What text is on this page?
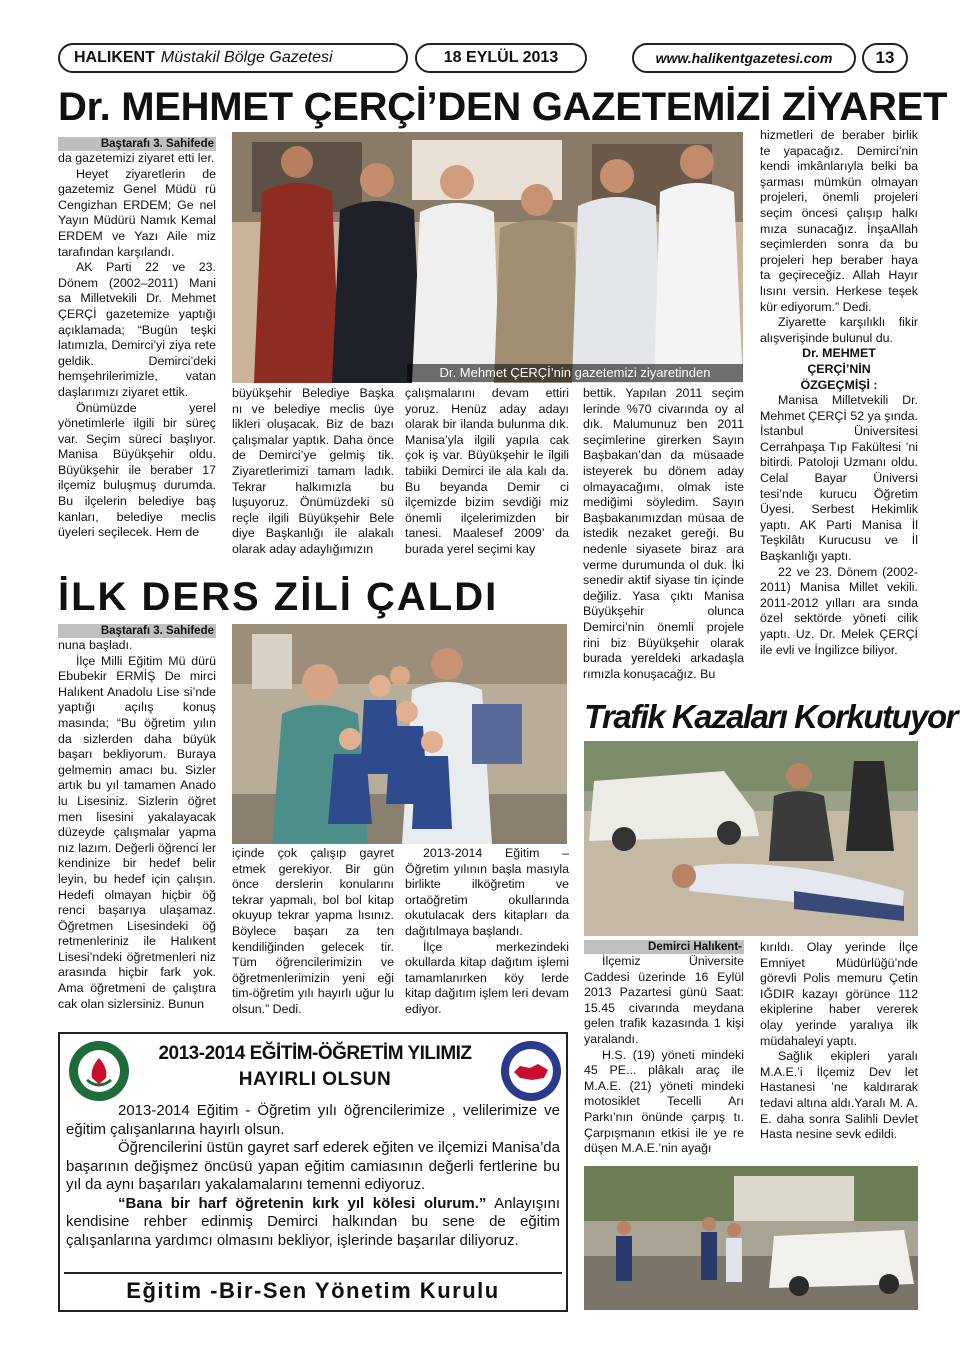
HALIKENT Müstakil Bölge Gazetesi	18 EYLÜL 2013	www.halikentgazetesi.com	13
Dr. MEHMET ÇERÇİ’DEN GAZETEMİZİ ZİYARET
Baştarafı 3. Sahifede

da gazetemizi ziyaret etti ler.

Heyet ziyaretlerin de gazetemiz Genel Müdü rü Cengizhan ERDEM; Ge nel Yayın Müdürü Namık Kemal ERDEM ve Yazı Aile miz tarafından karşılandı.

AK Parti 22 ve 23. Dönem (2002–2011) Mani sa Milletvekili Dr. Mehmet ÇERÇİ gazetemize yaptığı açıklamada; “Bugün teşki latımızla, Demirci’yi ziya rete geldik. Demirci’deki hemşehrilerimizle, vatan daşlarımızı ziyaret ettik.

Önümüzde yerel yönetimlerle ilgili bir süreç var. Seçim süreci başlıyor. Manisa Büyükşehir oldu. Büyükşehir ile beraber 17 ilçemiz buluşmuş durumda. Bu ilçelerin belediye baş kanları, belediye meclis üyeleri seçilecek. Hem de

Dr. Mehmet ÇERÇİ’nin gazetemizi ziyaretinden

büyükşehir Belediye Başka nı ve belediye meclis üye likleri oluşacak. Biz de bazı çalışmalar yaptık. Daha önce de Demirci’ye gelmiş tik. Ziyaretlerimizi tamam ladık. Tekrar halkımızla bu luşuyoruz. Önümüzdeki sü reçle ilgili Büyükşehir Bele diye Başkanlığı ile alakalı olarak aday adaylığımızın

çalışmalarını devam ettiri yoruz. Henüz aday adayı olarak bir ilanda bulunma dık. Manisa’yla ilgili yapıla cak çok iş var. Büyükşehir le ilgili tabiiki Demirci ile ala kalı da. Bu beyanda Demir ci ilçemizde bizim sevdiği miz önemli ilçelerimizden bir tanesi. Maalesef 2009’ da burada yerel seçimi kay

bettik. Yapılan 2011 seçim lerinde %70 civarında oy al dık. Malumunuz ben 2011 seçimlerine girerken Sayın Başbakan’dan da müsaade isteyerek bu dönem aday olmayacağımı, olmak iste mediğimi söyledim. Sayın Başbakanımızdan müsaa de istedik nezaket gereği. Bu nedenle siyasete biraz ara verme durumunda ol duk. İki senedir aktif siyase tin içinde değiliz. Yasa çıktı Manisa Büyükşehir olunca Demirci’nin önemli projele rini biz Büyükşehir olarak burada yereldeki arkadaşla rımızla konuşacağız. Bu

hizmetleri de beraber birlik te yapacağız. Demirci’nin kendi imkânlarıyla belki ba şarması mümkün olmayan projeleri, önemli projeleri seçim öncesi çalışıp halkı mıza sunacağız. İnşaAllah seçimlerden sonra da bu projeleri hep beraber haya ta geçireceğiz. Allah Hayır lısını versin. Herkese teşek kür ediyorum.” Dedi.

Ziyarette karşılıklı fikir alışverişinde bulunul du.

Dr. MEHMET ÇERÇİ’NİN ÖZGEÇMİŞİ :

Manisa Milletvekili Dr. Mehmet ÇERÇİ 52 ya şında. İstanbul Üniversitesi Cerrahpaşa Tıp Fakültesi ’ni bitirdi. Patoloji Uzmanı oldu. Celal Bayar Üniversi tesi’nde kurucu Öğretim Üyesi. Serbest Hekimlik yaptı. AK Parti Manisa İl Teşkilâtı Kurucusu ve İl Başkanlığı yaptı.

22 ve 23. Dönem (2002-2011) Manisa Millet vekili. 2011-2012 yılları ara sında özel sektörde yöneti cilik yaptı. Uz. Dr. Melek ÇERÇİ ile evli ve İngilizce biliyor.

İLK DERS ZİLİ ÇALDI
Baştarafı 3. Sahifede

nuna başladı.

İlçe Milli Eğitim Mü dürü Ebubekir ERMİŞ De mirci Halıkent Anadolu Lise si’nde yaptığı açılış konuş masında; “Bu öğretim yılın da sizlerden daha büyük başarı bekliyorum. Buraya gelmemin amacı bu. Sizler artık bu yıl tamamen Anado lu Lisesiniz. Sizlerin öğret men lisesini yakalayacak düzeyde çalışmalar yapma nız lazım. Değerli öğrenci ler kendinize bir hedef belir leyin, bu hedef için çalışın. Hedefi olmayan hiçbir öğ renci başarıya ulaşamaz. Öğretmen Lisesindeki öğ retmenleriniz ile Halıkent Lisesi’ndeki öğretmenleri niz arasında hiçbir fark yok. Ama öğretmeni de çalıştıra cak olan sizlersiniz. Bunun

içinde çok çalışıp gayret etmek gerekiyor. Bir gün önce derslerin konularını tekrar yapmalı, bol bol kitap okuyup tekrar yapma lısınız. Böylece başarı za ten kendiliğinden gelecek tir. Tüm öğrencilerimizin ve öğretmenlerimizin yeni eği tim-öğretim yılı hayırlı uğur lu olsun.” Dedi.

2013-2014 Eğitim – Öğretim yılının başla masıyla birlikte ilköğretim ve ortaöğretim okullarında okutulacak ders kitapları da dağıtılmaya başlandı.

İlçe merkezindeki okullarda kitap dağıtım işlemi tamamlanırken köy lerde kitap dağıtım işlem leri devam ediyor.

Trafik Kazaları Korkutuyor
Demirci Halıkent-

İlçemiz Üniversite Caddesi üzerinde 16 Eylül 2013 Pazartesi günü Saat: 15.45 civarında meydana gelen trafik kazasında 1 kişi yaralandı.

H.S. (19) yöneti mindeki 45 PE... plâkalı araç ile M.A.E. (21) yöneti mindeki motosiklet Tecelli Arı Parkı’nın önünde çarpış tı. Çarpışmanın etkisi ile ye re düşen M.A.E.’nin ayağı

kırıldı. Olay yerinde İlçe Emniyet Müdürlüğü’nde görevli Polis memuru Çetin IĞDIR kazayı görünce 112 ekiplerine haber vererek olay yerinde yaralıya ilk müdahaleyi yaptı.

Sağlık ekipleri yaralı M.A.E.’i İlçemiz Dev let Hastanesi ’ne kaldırarak tedavi altına aldı.Yaralı M. A. E. daha sonra Salihli Devlet Hasta nesine sevk edildi.

2013-2014 EĞİTİM-ÖĞRETİM YILIMIZ
HAYIRLI OLSUN

2013-2014 Eğitim - Öğretim yılı öğrencilerimize , velilerimize ve eğitim çalışanlarına hayırlı olsun.

Öğrencilerini üstün gayret sarf ederek eğiten ve ilçemizi Manisa’da başarının değişmez öncüsü yapan eğitim camiasının değerli fertlerine bu yıl da aynı başarıları yakalamalarını temenni ediyoruz.

“Bana bir harf öğretenin kırk yıl kölesi olurum.” Anlayışını kendisine rehber edinmiş Demirci halkından bu sene de eğitim çalışanlarına yardımcı olmasını bekliyor, işlerinde başarılar diliyoruz.

Eğitim -Bir-Sen Yönetim Kurulu
